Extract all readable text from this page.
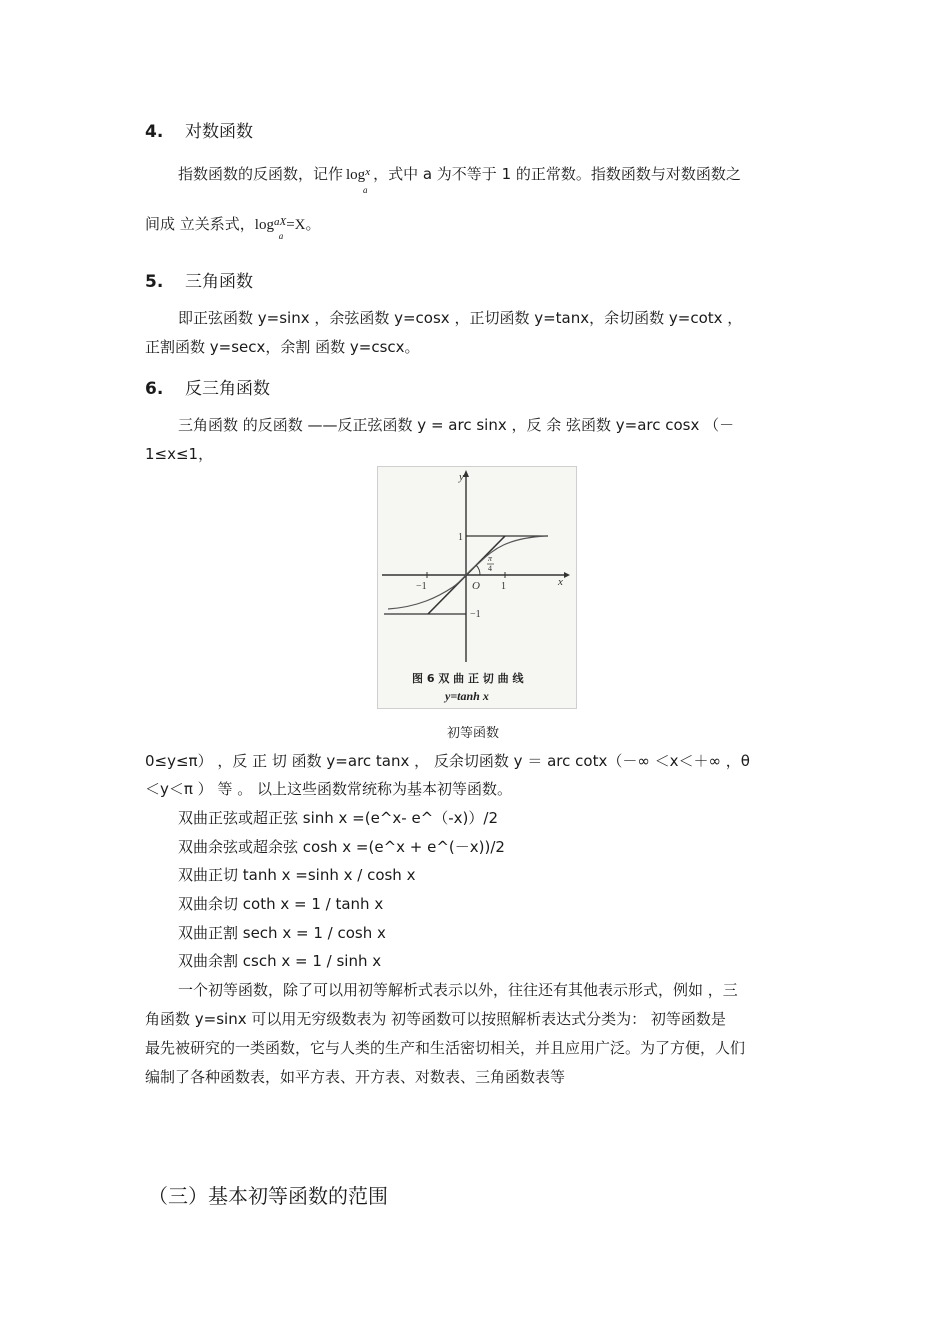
4. 对数函数
指数函数的反函数，记作 $\log^x$
a
，式中 a 为不等于 1 的正常数。指数函数与对数函数之
间成 立关系式，$\log^{aX}$
a
=X。
5. 三角函数
即正弦函数 y=sinx ，余弦函数 y=cosx ，正切函数 y=tanx，余切函数 y=cotx ，
正割函数 y=secx，余割 函数 y=cscx。
6. 反三角函数
三角函数 的反函数 ——反正弦函数 y = arc sinx ，反 余 弦函数 y=arc cosx （－
1≤x≤1，
y
x
1
1
−1
−1
O
π
4
图 6 双 曲 正 切 曲 线
y=tanh x
初等函数
0≤y≤π） ，反 正 切 函数 y=arc tanx ， 反余切函数 y ＝ arc cotx（－∞ ＜x＜＋∞ ，θ
＜y＜π ） 等 。 以上这些函数常统称为基本初等函数。
双曲正弦或超正弦 sinh x =(e^x- e^（-x)）/2
双曲余弦或超余弦 cosh x =(e^x + e^(－x))/2
双曲正切 tanh x =sinh x / cosh x
双曲余切 coth x = 1 / tanh x
双曲正割 sech x = 1 / cosh x
双曲余割 csch x = 1 / sinh x
一个初等函数，除了可以用初等解析式表示以外，往往还有其他表示形式，例如 ，三
角函数 y=sinx 可以用无穷级数表为 初等函数可以按照解析表达式分类为： 初等函数是
最先被研究的一类函数，它与人类的生产和生活密切相关，并且应用广泛。为了方便，人们
编制了各种函数表，如平方表、开方表、对数表、三角函数表等
（三）基本初等函数的范围
